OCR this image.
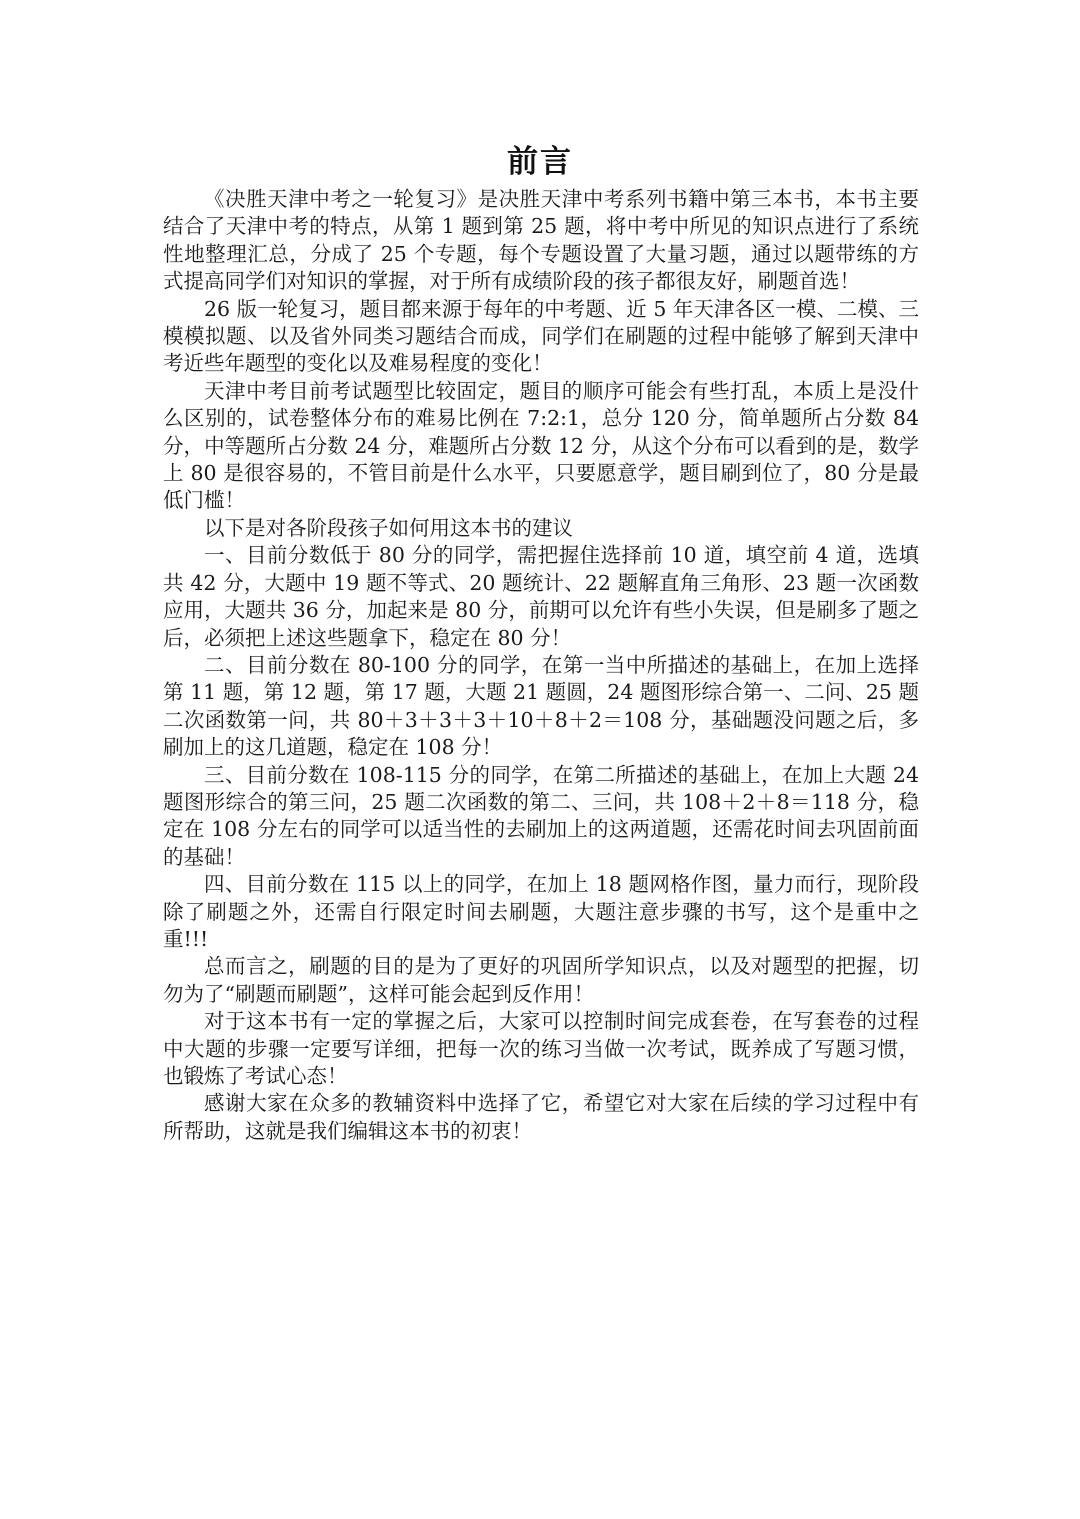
前言

《决胜天津中考之一轮复习》是决胜天津中考系列书籍中第三本书，本书主要结合了天津中考的特点，从第 1 题到第 25 题，将中考中所见的知识点进行了系统性地整理汇总，分成了 25 个专题，每个专题设置了大量习题，通过以题带练的方式提高同学们对知识的掌握，对于所有成绩阶段的孩子都很友好，刷题首选！

26 版一轮复习，题目都来源于每年的中考题、近 5 年天津各区一模、二模、三模模拟题、以及省外同类习题结合而成，同学们在刷题的过程中能够了解到天津中考近些年题型的变化以及难易程度的变化！

天津中考目前考试题型比较固定，题目的顺序可能会有些打乱，本质上是没什么区别的，试卷整体分布的难易比例在 7:2:1，总分 120 分，简单题所占分数 84 分，中等题所占分数 24 分，难题所占分数 12 分，从这个分布可以看到的是，数学上 80 是很容易的，不管目前是什么水平，只要愿意学，题目刷到位了，80 分是最低门槛！

以下是对各阶段孩子如何用这本书的建议

一、目前分数低于 80 分的同学，需把握住选择前 10 道，填空前 4 道，选填共 42 分，大题中 19 题不等式、20 题统计、22 题解直角三角形、23 题一次函数应用，大题共 36 分，加起来是 80 分，前期可以允许有些小失误，但是刷多了题之后，必须把上述这些题拿下，稳定在 80 分！

二、目前分数在 80-100 分的同学，在第一当中所描述的基础上，在加上选择第 11 题，第 12 题，第 17 题，大题 21 题圆，24 题图形综合第一、二问、25 题二次函数第一问，共 80＋3＋3＋3＋10＋8＋2＝108 分，基础题没问题之后，多刷加上的这几道题，稳定在 108 分！

三、目前分数在 108-115 分的同学，在第二所描述的基础上，在加上大题 24 题图形综合的第三问，25 题二次函数的第二、三问，共 108＋2＋8＝118 分，稳定在 108 分左右的同学可以适当性的去刷加上的这两道题，还需花时间去巩固前面的基础！

四、目前分数在 115 以上的同学，在加上 18 题网格作图，量力而行，现阶段除了刷题之外，还需自行限定时间去刷题，大题注意步骤的书写，这个是重中之重!!!

总而言之，刷题的目的是为了更好的巩固所学知识点，以及对题型的把握，切勿为了“刷题而刷题”，这样可能会起到反作用！

对于这本书有一定的掌握之后，大家可以控制时间完成套卷，在写套卷的过程中大题的步骤一定要写详细，把每一次的练习当做一次考试，既养成了写题习惯，也锻炼了考试心态！

感谢大家在众多的教辅资料中选择了它，希望它对大家在后续的学习过程中有所帮助，这就是我们编辑这本书的初衷！
